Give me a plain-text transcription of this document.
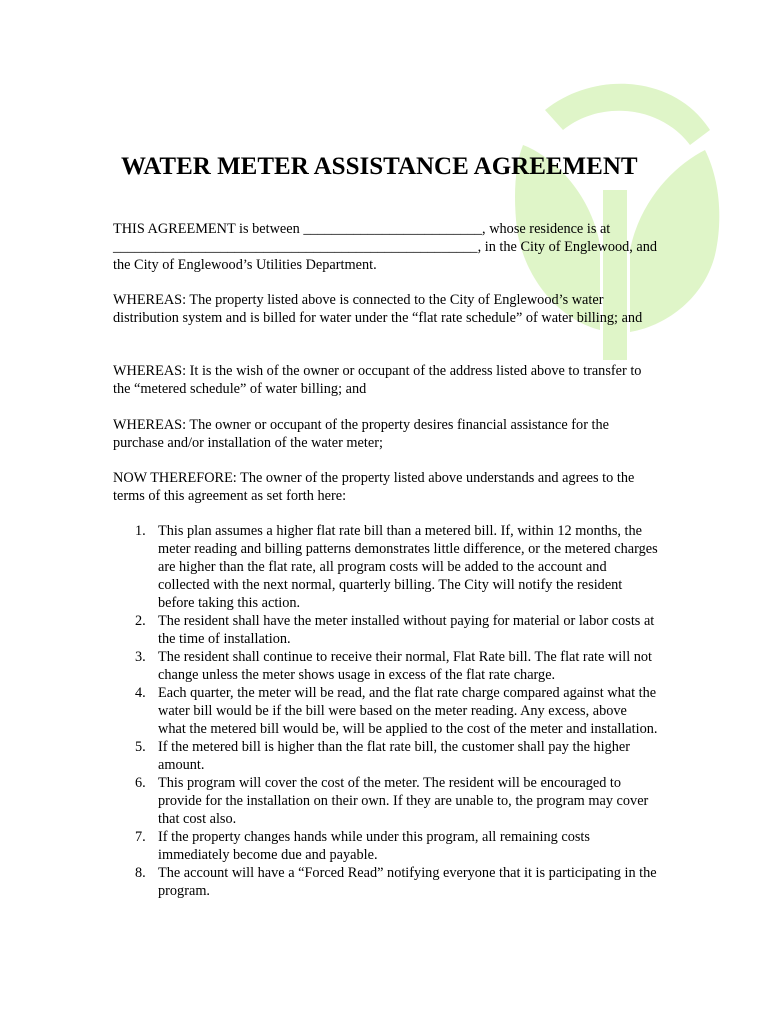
WATER METER ASSISTANCE AGREEMENT

THIS AGREEMENT is between _________________________, whose residence is at ___________________________________________________, in the City of Englewood, and the City of Englewood’s Utilities Department.

WHEREAS: The property listed above is connected to the City of Englewood’s water distribution system and is billed for water under the “flat rate schedule” of water billing; and

WHEREAS: It is the wish of the owner or occupant of the address listed above to transfer to the “metered schedule” of water billing; and

WHEREAS: The owner or occupant of the property desires financial assistance for the purchase and/or installation of the water meter;

NOW THEREFORE: The owner of the property listed above understands and agrees to the terms of this agreement as set forth here:

1. This plan assumes a higher flat rate bill than a metered bill. If, within 12 months, the meter reading and billing patterns demonstrates little difference, or the metered charges are higher than the flat rate, all program costs will be added to the account and collected with the next normal, quarterly billing. The City will notify the resident before taking this action.
2. The resident shall have the meter installed without paying for material or labor costs at the time of installation.
3. The resident shall continue to receive their normal, Flat Rate bill. The flat rate will not change unless the meter shows usage in excess of the flat rate charge.
4. Each quarter, the meter will be read, and the flat rate charge compared against what the water bill would be if the bill were based on the meter reading. Any excess, above what the metered bill would be, will be applied to the cost of the meter and installation.
5. If the metered bill is higher than the flat rate bill, the customer shall pay the higher amount.
6. This program will cover the cost of the meter. The resident will be encouraged to provide for the installation on their own. If they are unable to, the program may cover that cost also.
7. If the property changes hands while under this program, all remaining costs immediately become due and payable.
8. The account will have a “Forced Read” notifying everyone that it is participating in the program.
